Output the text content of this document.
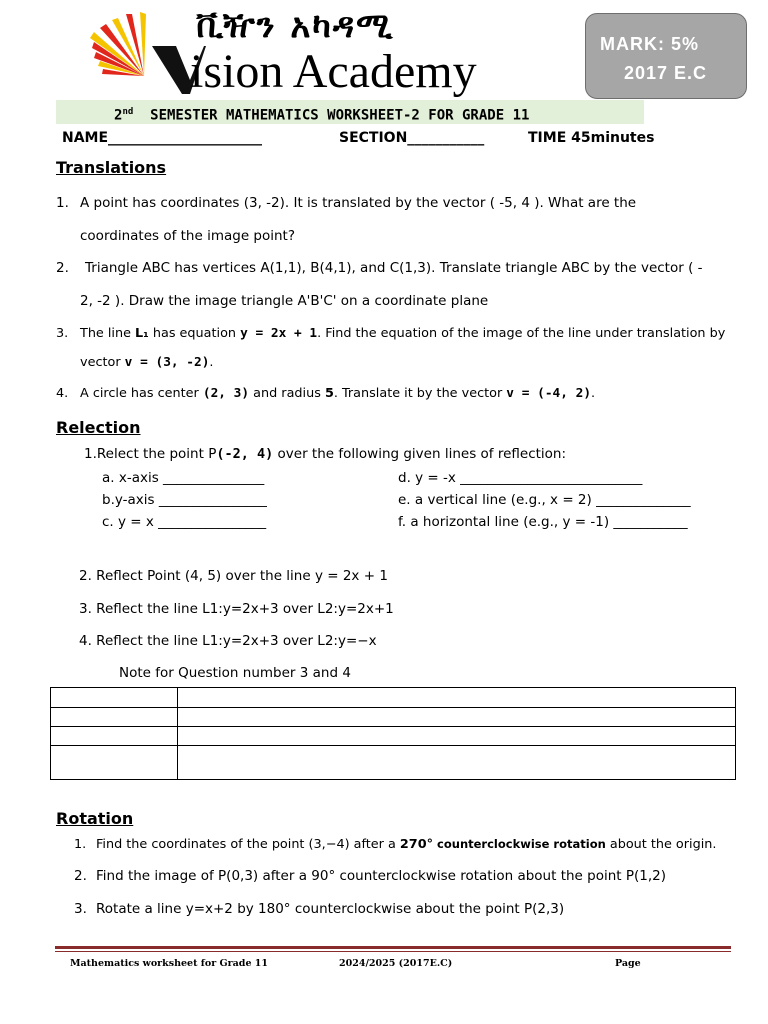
ቪዥን አካዳሚ
ision Academy
MARK: 5%
2017 E.C
2nd SEMESTER MATHEMATICS WORKSHEET-2 FOR GRADE 11
NAME______________________	SECTION___________	TIME 45minutes
Translations
1. A point has coordinates (3, -2). It is translated by the vector ( -5, 4 ). What are the
coordinates of the image point?
2. Triangle ABC has vertices A(1,1), B(4,1), and C(1,3). Translate triangle ABC by the vector ( -
2, -2 ). Draw the image triangle A'B'C' on a coordinate plane
3. The line L₁ has equation y = 2x + 1. Find the equation of the image of the line under translation by
vector v = (3, -2).
4. A circle has center (2, 3) and radius 5. Translate it by the vector v = (-4, 2).
Relection
1.Relect the point P(-2, 4) over the following given lines of reflection:
a. x-axis _______________
b.y-axis ________________
c. y = x ________________
d. y = -x ___________________________
e. a vertical line (e.g., x = 2) ______________
f. a horizontal line (e.g., y = -1) ___________
2. Reflect Point (4, 5) over the line y = 2x + 1
3. Reflect the line L1:y=2x+3 over L2:y=2x+1
4. Reflect the line L1:y=2x+3 over L2:y=−x
Note for Question number 3 and 4

Rotation
1. Find the coordinates of the point (3,−4) after a 270° counterclockwise rotation about the origin.
2. Find the image of P(0,3) after a 90° counterclockwise rotation about the point P(1,2)
3. Rotate a line y=x+2 by 180° counterclockwise about the point P(2,3)
Mathematics worksheet for Grade 11	2024/2025 (2017E.C)	Page
